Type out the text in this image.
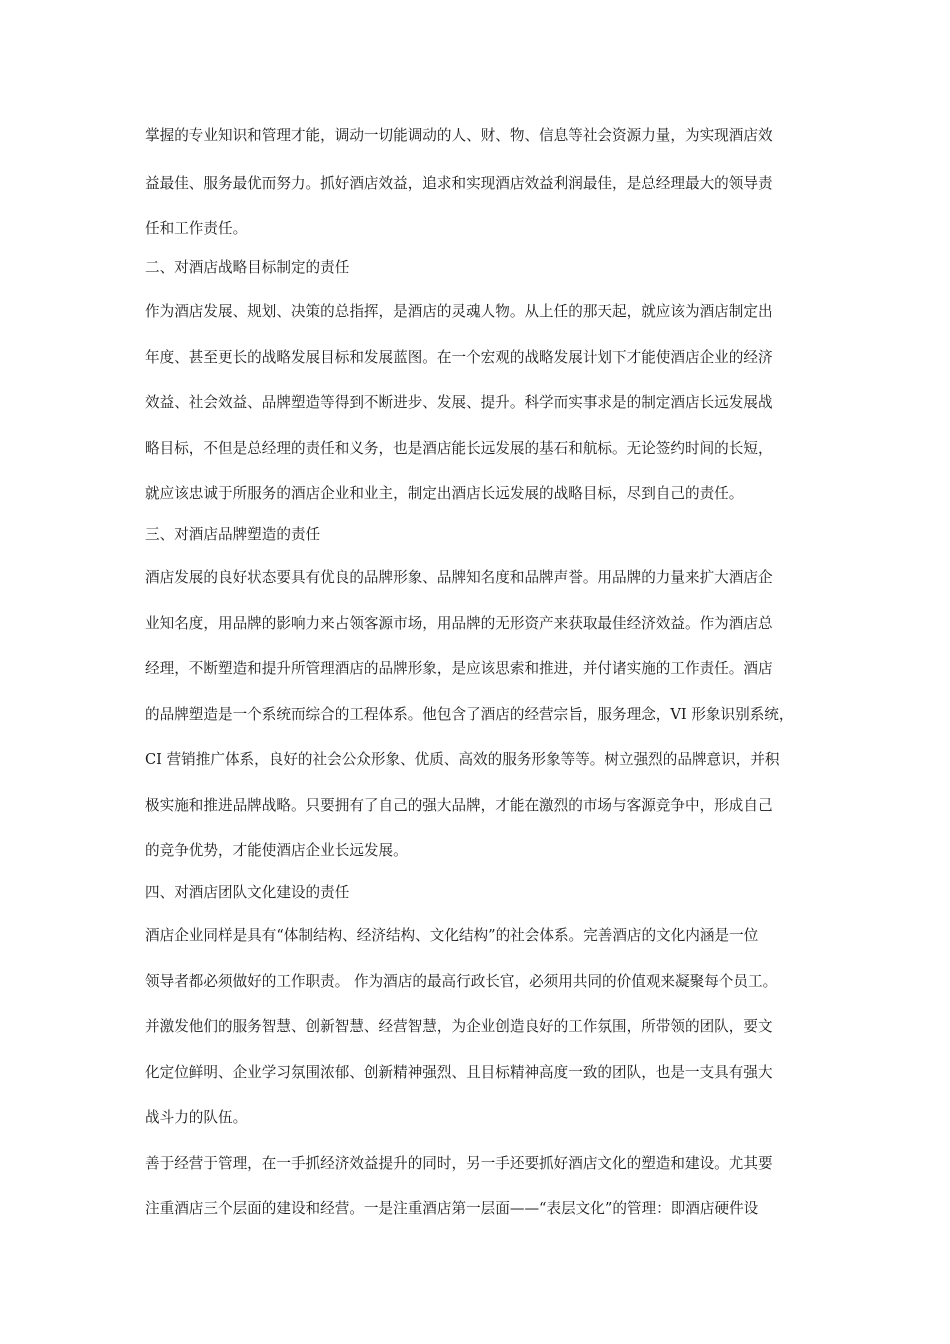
掌握的专业知识和管理才能，调动一切能调动的人、财、物、信息等社会资源力量，为实现酒店效
益最佳、服务最优而努力。抓好酒店效益，追求和实现酒店效益利润最佳，是总经理最大的领导责
任和工作责任。
二、对酒店战略目标制定的责任
作为酒店发展、规划、决策的总指挥，是酒店的灵魂人物。从上任的那天起，就应该为酒店制定出
年度、甚至更长的战略发展目标和发展蓝图。在一个宏观的战略发展计划下才能使酒店企业的经济
效益、社会效益、品牌塑造等得到不断进步、发展、提升。科学而实事求是的制定酒店长远发展战
略目标，不但是总经理的责任和义务，也是酒店能长远发展的基石和航标。无论签约时间的长短，
就应该忠诚于所服务的酒店企业和业主，制定出酒店长远发展的战略目标，尽到自己的责任。
三、对酒店品牌塑造的责任
酒店发展的良好状态要具有优良的品牌形象、品牌知名度和品牌声誉。用品牌的力量来扩大酒店企
业知名度，用品牌的影响力来占领客源市场，用品牌的无形资产来获取最佳经济效益。作为酒店总
经理，不断塑造和提升所管理酒店的品牌形象，是应该思索和推进，并付诸实施的工作责任。酒店
的品牌塑造是一个系统而综合的工程体系。他包含了酒店的经营宗旨，服务理念，VI 形象识别系统，
CI 营销推广体系，良好的社会公众形象、优质、高效的服务形象等等。树立强烈的品牌意识，并积
极实施和推进品牌战略。只要拥有了自己的强大品牌，才能在激烈的市场与客源竞争中，形成自己
的竞争优势，才能使酒店企业长远发展。
四、对酒店团队文化建设的责任
酒店企业同样是具有“体制结构、经济结构、文化结构”的社会体系。完善酒店的文化内涵是一位
领导者都必须做好的工作职责。 作为酒店的最高行政长官，必须用共同的价值观来凝聚每个员工。
并激发他们的服务智慧、创新智慧、经营智慧，为企业创造良好的工作氛围，所带领的团队，要文
化定位鲜明、企业学习氛围浓郁、创新精神强烈、且目标精神高度一致的团队，也是一支具有强大
战斗力的队伍。
善于经营于管理，在一手抓经济效益提升的同时，另一手还要抓好酒店文化的塑造和建设。尤其要
注重酒店三个层面的建设和经营。一是注重酒店第一层面——“表层文化”的管理：即酒店硬件设
